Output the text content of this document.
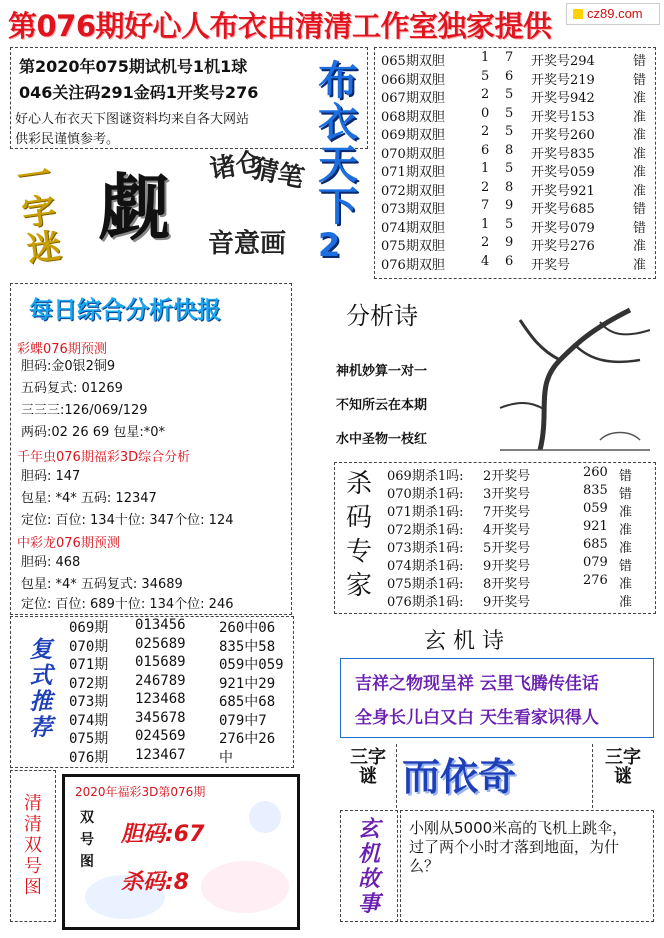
第076期好心人布衣由清清工作室独家提供	cz89.com
第2020年075期试机号1机1球
046关注码291金码1开奖号276
好心人布衣天下图谜资料均来自各大网站
供彩民谨慎参考。
一字迷 觑 诸仓
猜笔
音意画
布衣天下
2
065期双胆	1 7 开奖号294	错
066期双胆	5 6 开奖号219	错
067期双胆	2 5 开奖号942	准
068期双胆	0 5 开奖号153	准
069期双胆	2 5 开奖号260	准
070期双胆	6 8 开奖号835	准
071期双胆	1 5 开奖号059	准
072期双胆	2 8 开奖号921	准
073期双胆	7 9 开奖号685	错
074期双胆	1 5 开奖号079	错
075期双胆	2 9 开奖号276	准
076期双胆	4 6 开奖号	准
每日综合分析快报
彩蝶076期预测
胆码:金0银2铜9
五码复式: 01269
三三三:126/069/129
两码:02 26 69 包星:*0*
千年虫076期福彩3D综合分析
胆码: 147
包星: *4* 五码: 12347
定位: 百位: 134十位: 347个位: 124
中彩龙076期预测
胆码: 468
包星: *4* 五码复式: 34689
定位: 百位: 689十位: 134个位: 246
分析诗
神机妙算一对一
不知所云在本期
水中圣物一枝红
杀码专家
069期杀1吗: 2开奖号	260 错
070期杀1码: 3开奖号	835 错
071期杀1码: 7开奖号	059 准
072期杀1码: 4开奖号	921 准
073期杀1码: 5开奖号	685 准
074期杀1码: 9开奖号	079 错
075期杀1码: 8开奖号	276 准
076期杀1码: 9开奖号	准
复式推荐
069期 013456 260中06
070期 025689 835中58
071期 015689 059中059
072期 246789 921中29
073期 123468 685中68
074期 345678 079中7
075期 024569 276中26
076期 123467 中
玄 机 诗
吉祥之物现呈祥 云里飞腾传佳话
全身长儿白又白 天生看家识得人
清清双号图
2020年福彩3D第076期
双号图
胆码:67
杀码:8
三字谜 而依奇	三字谜
玄机故事
小刚从5000米高的飞机上跳伞，过了两个小时才落到地面，为什么？
